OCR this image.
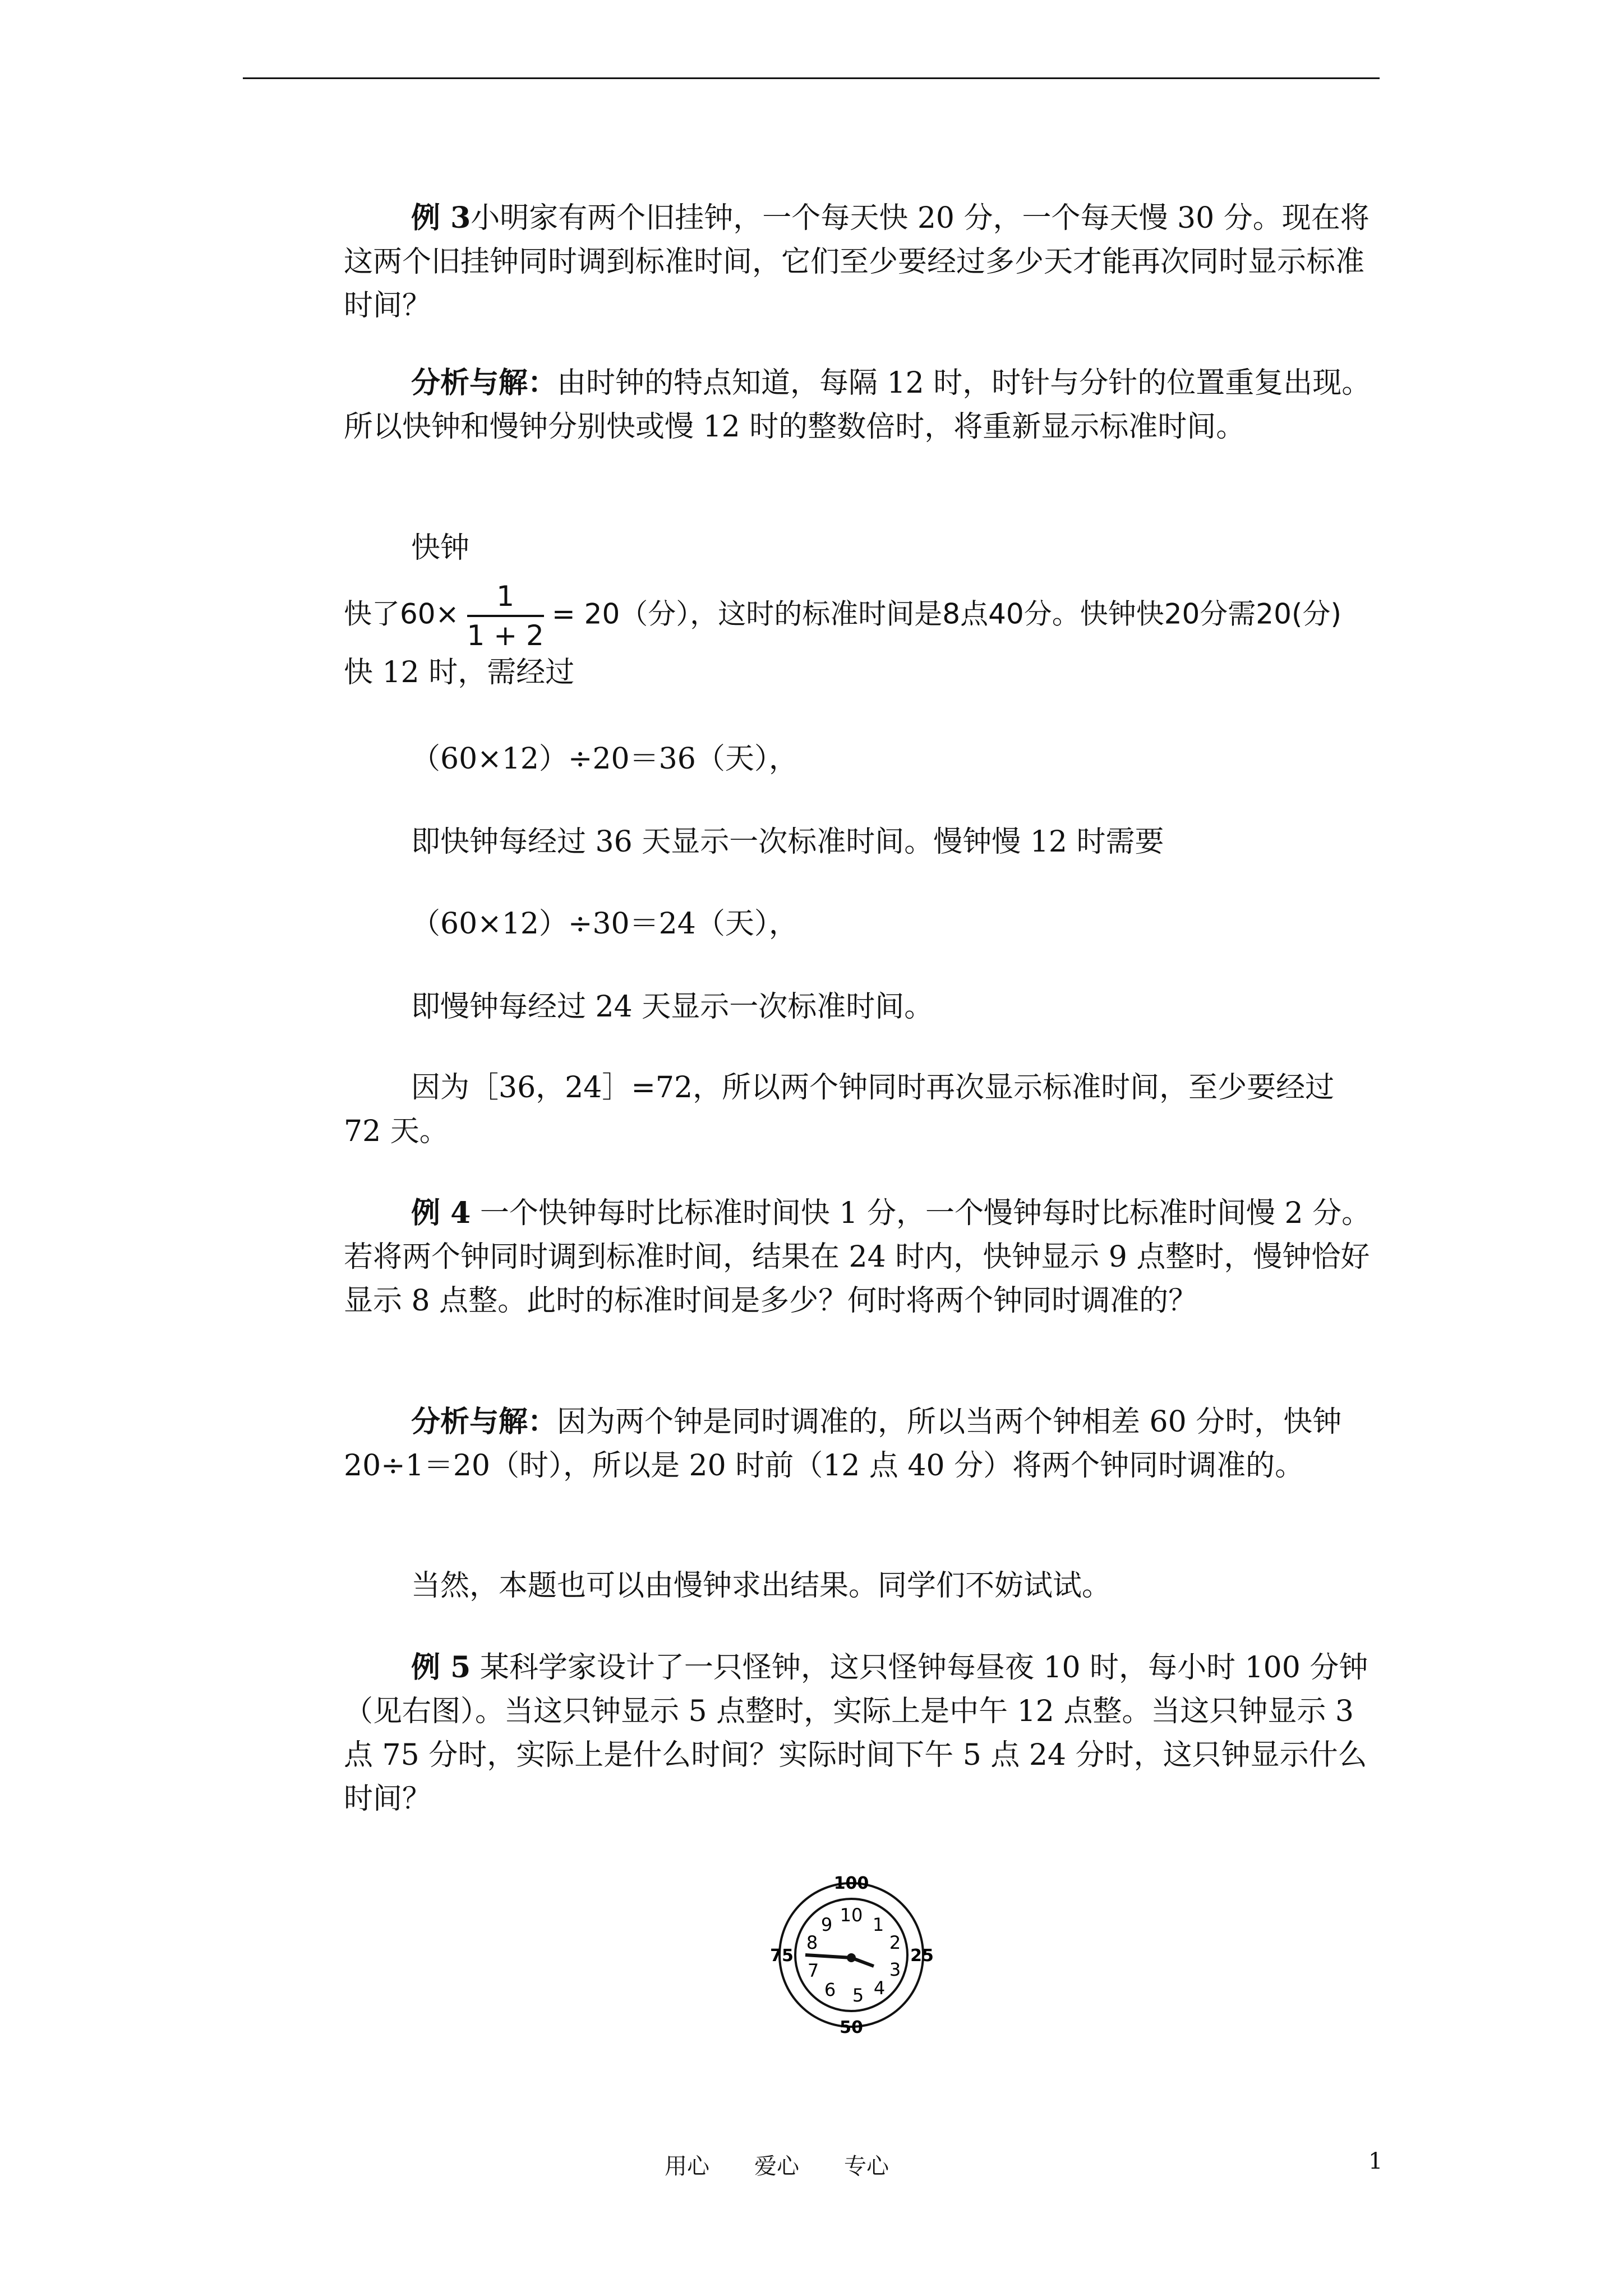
例 3小明家有两个旧挂钟，一个每天快 20 分，一个每天慢 30 分。现在将这两个旧挂钟同时调到标准时间，它们至少要经过多少天才能再次同时显示标准时间？

分析与解：由时钟的特点知道，每隔 12 时，时针与分针的位置重复出现。所以快钟和慢钟分别快或慢 12 时的整数倍时，将重新显示标准时间。

快钟
快了$60\times \frac{1}{1 + 2} = 20$（分），这时的标准时间是8点40分。快钟快20分需20(分)
快 12 时，需经过
（60×12）÷20＝36（天），
即快钟每经过 36 天显示一次标准时间。慢钟慢 12 时需要
（60×12）÷30＝24（天），
即慢钟每经过 24 天显示一次标准时间。

因为［36，24］=72，所以两个钟同时再次显示标准时间，至少要经过 72 天。

例 4 一个快钟每时比标准时间快 1 分，一个慢钟每时比标准时间慢 2 分。若将两个钟同时调到标准时间，结果在 24 时内，快钟显示 9 点整时，慢钟恰好显示 8 点整。此时的标准时间是多少？何时将两个钟同时调准的？

分析与解：因为两个钟是同时调准的，所以当两个钟相差 60 分时，快钟 20÷1＝20（时），所以是 20 时前（12 点 40 分）将两个钟同时调准的。

当然，本题也可以由慢钟求出结果。同学们不妨试试。

例 5 某科学家设计了一只怪钟，这只怪钟每昼夜 10 时，每小时 100 分钟（见右图）。当这只钟显示 5 点整时，实际上是中午 12 点整。当这只钟显示 3 点 75 分时，实际上是什么时间？实际时间下午 5 点 24 分时，这只钟显示什么时间？

100
25
50
75
10 1
2
3
4
5
6
7
8
9
用心　　爱心　　专心	1
